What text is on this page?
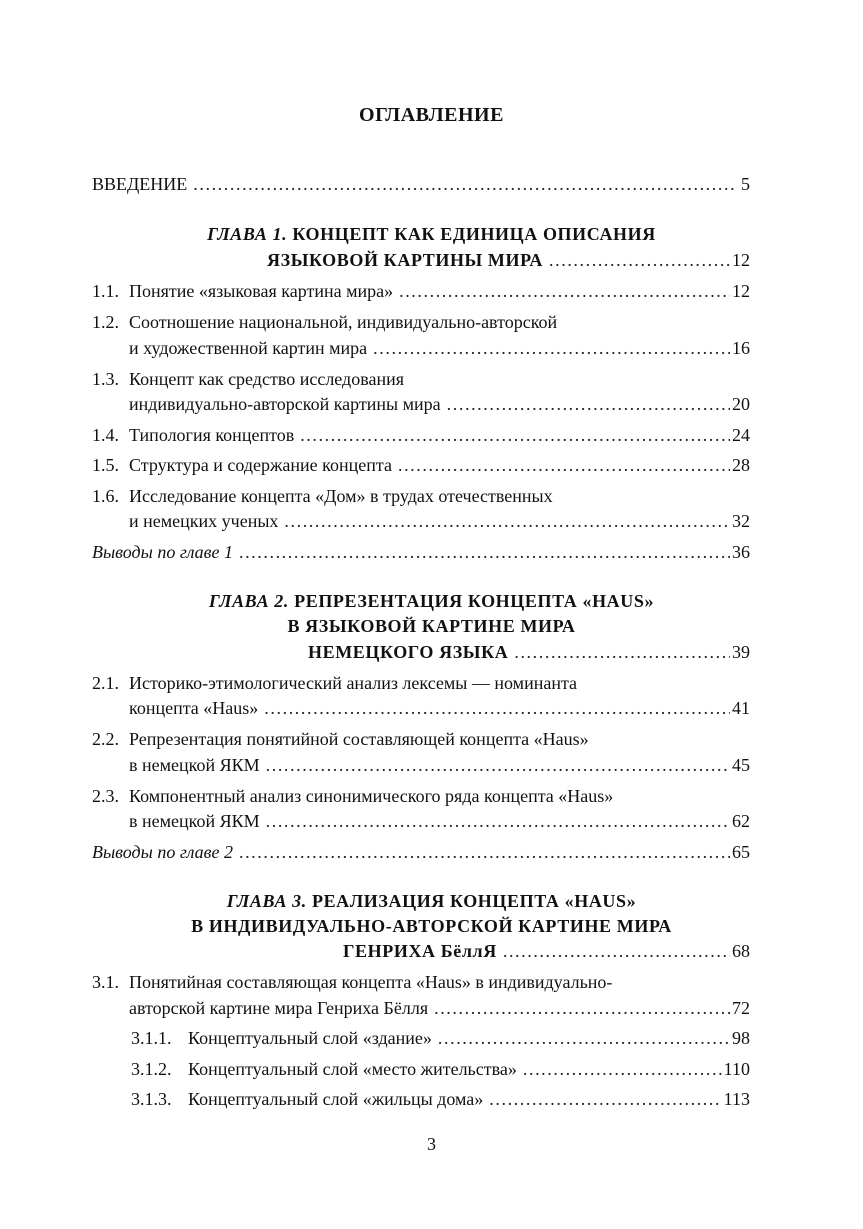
ОГЛАВЛЕНИЕ
ВВЕДЕНИЕ .....	5
ГЛАВА 1. КОНЦЕПТ КАК ЕДИНИЦА ОПИСАНИЯ
ЯЗЫКОВОЙ КАРТИНЫ МИРА .....	12
1.1. Понятие «языковая картина мира» .....	12
1.2. Соотношение национальной, индивидуально-авторской
и художественной картин мира .....	16
1.3. Концепт как средство исследования
индивидуально-авторской картины мира .....	20
1.4. Типология концептов .....	24
1.5. Структура и содержание концепта .....	28
1.6. Исследование концепта «Дом» в трудах отечественных
и немецких ученых .....	32
Выводы по главе 1 .....	36
ГЛАВА 2. РЕПРЕЗЕНТАЦИЯ КОНЦЕПТА «HAUS»
В ЯЗЫКОВОЙ КАРТИНЕ МИРА
НЕМЕЦКОГО ЯЗЫКА .....	39
2.1. Историко-этимологический анализ лексемы — номинанта
концепта «Haus» .....	41
2.2. Репрезентация понятийной составляющей концепта «Haus»
в немецкой ЯКМ .....	45
2.3. Компонентный анализ синонимического ряда концепта «Haus»
в немецкой ЯКМ .....	62
Выводы по главе 2 .....	65
ГЛАВА 3. РЕАЛИЗАЦИЯ КОНЦЕПТА «HAUS»
В ИНДИВИДУАЛЬНО-АВТОРСКОЙ КАРТИНЕ МИРА
ГЕНРИХА БёллЯ .....	68
3.1. Понятийная составляющая концепта «Haus» в индивидуально-
авторской картине мира Генриха Бёлля .....	72
3.1.1. Концептуальный слой «здание» .....	98
3.1.2. Концептуальный слой «место жительства» .....	110
3.1.3. Концептуальный слой «жильцы дома» .....	113
3
